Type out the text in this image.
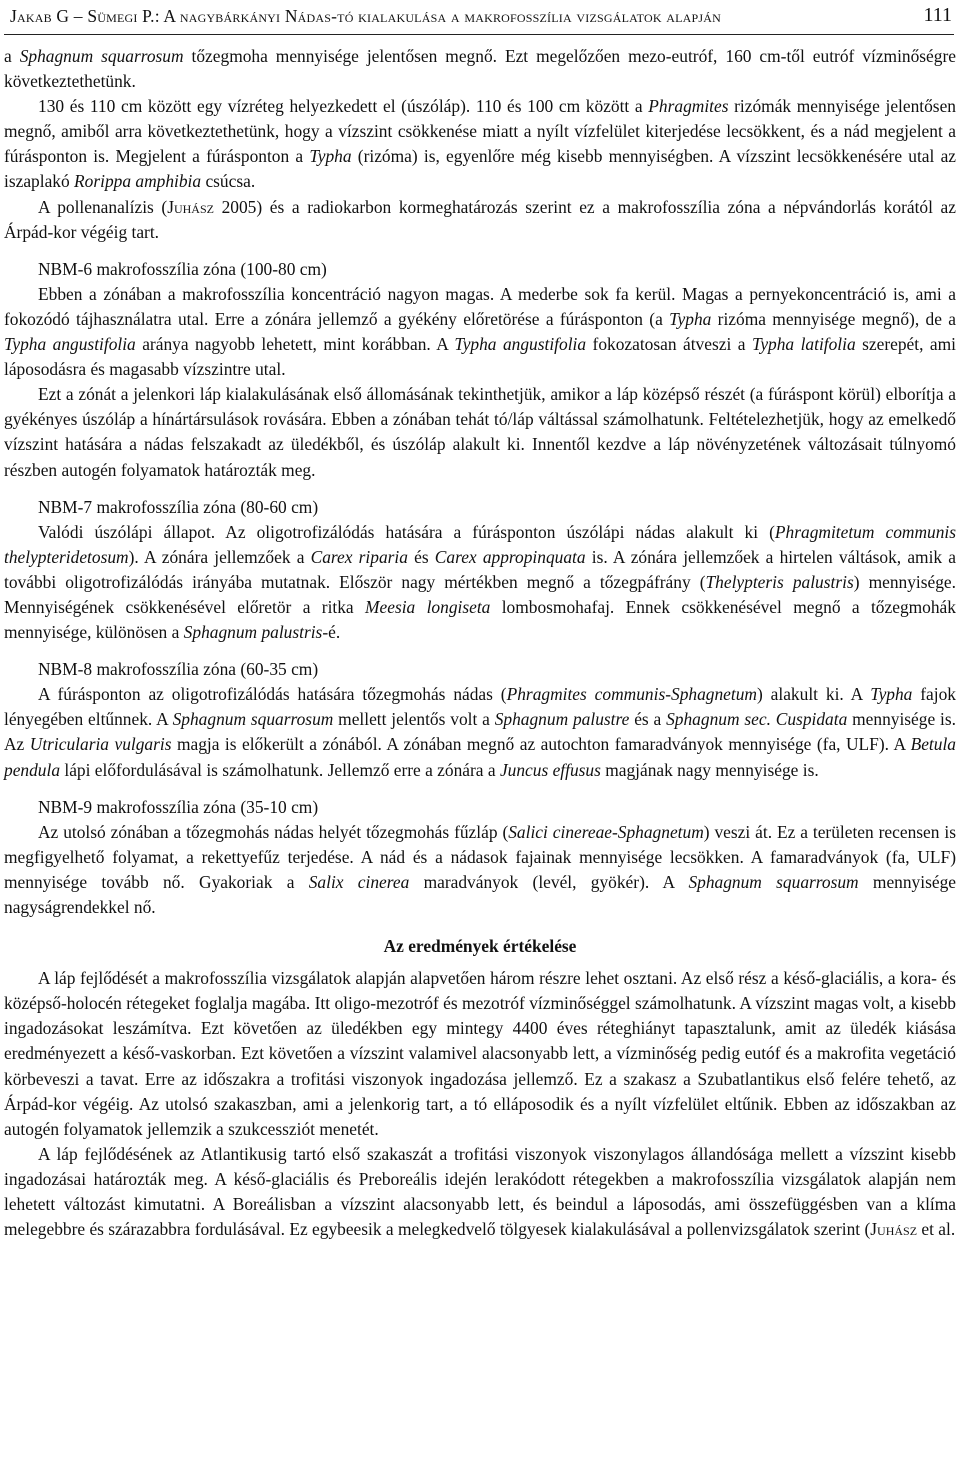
Jakab G – Sümegi P.: A nagybárkányi Nádas-tó kialakulása a makrofosszília vizsgálatok alapján	111

a Sphagnum squarrosum tőzegmoha mennyisége jelentősen megnő. Ezt megelőzően mezo-eutróf, 160 cm-től eutróf vízminőségre következtethetünk.

130 és 110 cm között egy vízréteg helyezkedett el (úszóláp). 110 és 100 cm között a Phragmites rizómák mennyisége jelentősen megnő, amiből arra következtethetünk, hogy a vízszint csökkenése miatt a nyílt vízfelület kiterjedése lecsökkent, és a nád megjelent a fúrásponton is. Megjelent a fúrásponton a Typha (rizóma) is, egyenlőre még kisebb mennyiségben. A vízszint lecsökkenésére utal az iszaplakó Rorippa amphibia csúcsa.

A pollenanalízis (Juhász 2005) és a radiokarbon kormeghatározás szerint ez a makrofosszília zóna a népvándorlás korától az Árpád-kor végéig tart.

NBM-6 makrofosszília zóna (100-80 cm)

Ebben a zónában a makrofosszília koncentráció nagyon magas. A mederbe sok fa kerül. Magas a pernyekoncentráció is, ami a fokozódó tájhasználatra utal. Erre a zónára jellemző a gyékény előretörése a fúrásponton (a Typha rizóma mennyisége megnő), de a Typha angustifolia aránya nagyobb lehetett, mint korábban. A Typha angustifolia fokozatosan átveszi a Typha latifolia szerepét, ami láposodásra és magasabb vízszintre utal.

Ezt a zónát a jelenkori láp kialakulásának első állomásának tekinthetjük, amikor a láp középső részét (a fúráspont körül) elborítja a gyékényes úszóláp a hínártársulások rovására. Ebben a zónában tehát tó/láp váltással számolhatunk. Feltételezhetjük, hogy az emelkedő vízszint hatására a nádas felszakadt az üledékből, és úszóláp alakult ki. Innentől kezdve a láp növényzetének változásait túlnyomó részben autogén folyamatok határozták meg.

NBM-7 makrofosszília zóna (80-60 cm)

Valódi úszólápi állapot. Az oligotrofizálódás hatására a fúrásponton úszólápi nádas alakult ki (Phragmitetum communis thelypteridetosum). A zónára jellemzőek a Carex riparia és Carex appropinquata is. A zónára jellemzőek a hirtelen váltások, amik a további oligotrofizálódás irányába mutatnak. Először nagy mértékben megnő a tőzegpáfrány (Thelypteris palustris) mennyisége. Mennyiségének csökkenésével előretör a ritka Meesia longiseta lombosmohafaj. Ennek csökkenésével megnő a tőzegmohák mennyisége, különösen a Sphagnum palustris-é.

NBM-8 makrofosszília zóna (60-35 cm)

A fúrásponton az oligotrofizálódás hatására tőzegmohás nádas (Phragmites communis-Sphagnetum) alakult ki. A Typha fajok lényegében eltűnnek. A Sphagnum squarrosum mellett jelentős volt a Sphagnum palustre és a Sphagnum sec. Cuspidata mennyisége is. Az Utricularia vulgaris magja is előkerült a zónából. A zónában megnő az autochton famaradványok mennyisége (fa, ULF). A Betula pendula lápi előfordulásával is számolhatunk. Jellemző erre a zónára a Juncus effusus magjának nagy mennyisége is.

NBM-9 makrofosszília zóna (35-10 cm)

Az utolsó zónában a tőzegmohás nádas helyét tőzegmohás fűzláp (Salici cinereae-Sphagnetum) veszi át. Ez a területen recensen is megfigyelhető folyamat, a rekettyefűz terjedése. A nád és a nádasok fajainak mennyisége lecsökken. A famaradványok (fa, ULF) mennyisége tovább nő. Gyakoriak a Salix cinerea maradványok (levél, gyökér). A Sphagnum squarrosum mennyisége nagyságrendekkel nő.

Az eredmények értékelése

A láp fejlődését a makrofosszília vizsgálatok alapján alapvetően három részre lehet osztani. Az első rész a késő-glaciális, a kora- és középső-holocén rétegeket foglalja magába. Itt oligo-mezotróf és mezotróf vízminőséggel számolhatunk. A vízszint magas volt, a kisebb ingadozásokat leszámítva. Ezt követően az üledékben egy mintegy 4400 éves réteghiányt tapasztalunk, amit az üledék kiásása eredményezett a késő-vaskorban. Ezt követően a vízszint valamivel alacsonyabb lett, a vízminőség pedig eutóf és a makrofita vegetáció körbeveszi a tavat. Erre az időszakra a trofitási viszonyok ingadozása jellemző. Ez a szakasz a Szubatlantikus első felére tehető, az Árpád-kor végéig. Az utolsó szakaszban, ami a jelenkorig tart, a tó elláposodik és a nyílt vízfelület eltűnik. Ebben az időszakban az autogén folyamatok jellemzik a szukcessziót menetét.

A láp fejlődésének az Atlantikusig tartó első szakaszát a trofitási viszonyok viszonylagos állandósága mellett a vízszint kisebb ingadozásai határozták meg. A késő-glaciális és Preboreális idején lerakódott rétegekben a makrofosszília vizsgálatok alapján nem lehetett változást kimutatni. A Boreálisban a vízszint alacsonyabb lett, és beindul a láposodás, ami összefüggésben van a klíma melegebbre és szárazabbra fordulásával. Ez egybeesik a melegkedvelő tölgyesek kialakulásával a pollenvizsgálatok szerint (Juhász et al.
